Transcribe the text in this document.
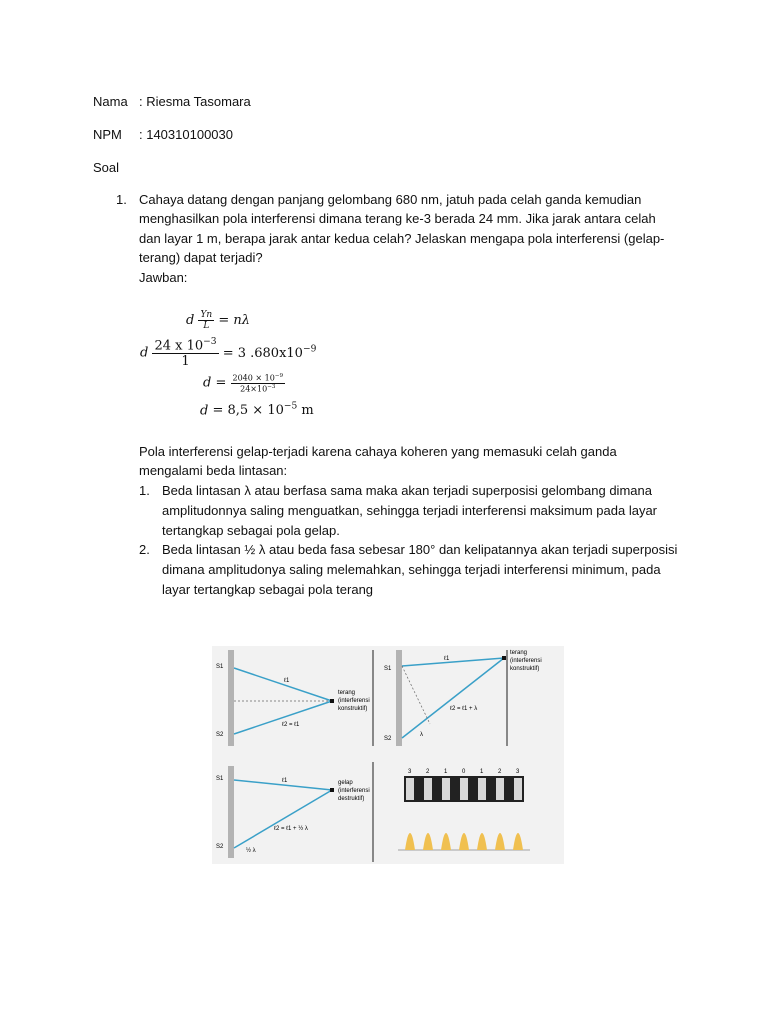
Nama : Riesma Tasomara
NPM : 140310100030
Soal
1. Cahaya datang dengan panjang gelombang 680 nm, jatuh pada celah ganda kemudian
menghasilkan pola interferensi dimana terang ke-3 berada 24 mm. Jika jarak antara celah
dan layar 1 m, berapa jarak antar kedua celah? Jelaskan mengapa pola interferensi (gelap-
terang) dapat terjadi?
Jawban:
d $\frac{Yn}{L} = n\lambda$
d $\frac{24 x 10^{-3}}{1} = 3$ $.680x10^{-9}$
$d = \frac{2040 \times 10^{-9}}{24\times 10^{-3}}$
$d = 8,5 \times 10^{-5}$ m
Pola interferensi gelap-terjadi karena cahaya koheren yang memasuki celah ganda
mengalami beda lintasan:
1. Beda lintasan λ atau berfasa sama maka akan terjadi superposisi gelombang dimana
amplitudonnya saling menguatkan, sehingga terjadi interferensi maksimum pada layar
tertangkap sebagai pola gelap.
2. Beda lintasan ½ λ atau beda fasa sebesar 180° dan kelipatannya akan terjadi superposisi
dimana amplitudonya saling melemahkan, sehingga terjadi interferensi minimum, pada
layar tertangkap sebagai pola terang
S1
S2
ℓ1
ℓ2 = ℓ1
terang
(interferensi
konstruktif)
S1
S2
ℓ1
ℓ2 = ℓ1 + λ
λ
terang
(interferensi
konstruktif)
S1
S2
ℓ1
ℓ2 = ℓ1 + ½ λ
½ λ
gelap
(interferensi
destruktif)
3 2 1 0 1 2 3
